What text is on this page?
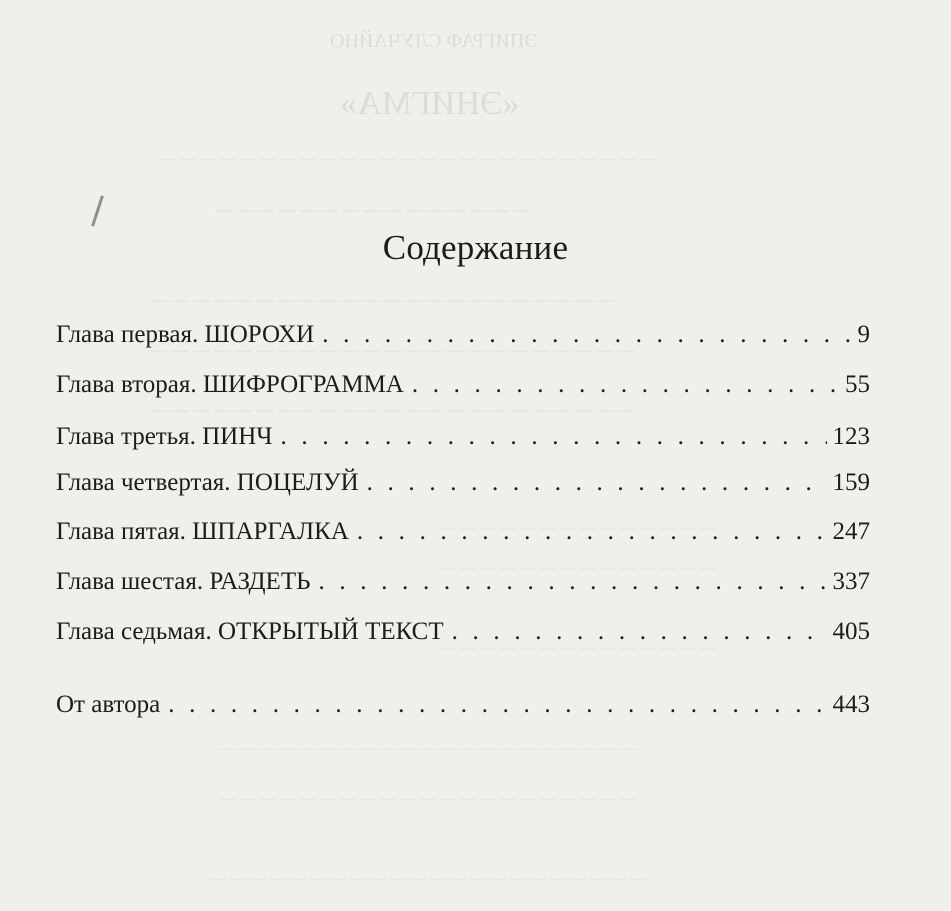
ЭПИГРАФ СЛУЧАЙНО
«ЭНИГМА»
— — — — — — — — — — — — — — — — — — — — — — — — —
— — — — — — — — — — — — — — —
— — — — — — — — — — — — — — — — — — — — — —
— — — — — — — — — — — — — — — — — — — — — — —
— — — — — — — — — — — — — — — — — — — — — — —
— — — — — — — — — — — — — —
— — — — — — — — — — — — — —
— — — — — — — — — — — — — —
— — — — — — — — — — — — — — — — — — — — —
— — — — — — — — — — — — — — — — — — — — —
— — — — — — — — — — — — — — — — — — — — — —
Содержание
Глава первая. ШОРОХИ . . .	9
Глава вторая. ШИФРОГРАММА . . .	55
Глава третья. ПИНЧ . . .	123
Глава четвертая. ПОЦЕЛУЙ . . .	159
Глава пятая. ШПАРГАЛКА . . .	247
Глава шестая. РАЗДЕТЬ . . .	337
Глава седьмая. ОТКРЫТЫЙ ТЕКСТ . . .	405
От автора . . .	443
